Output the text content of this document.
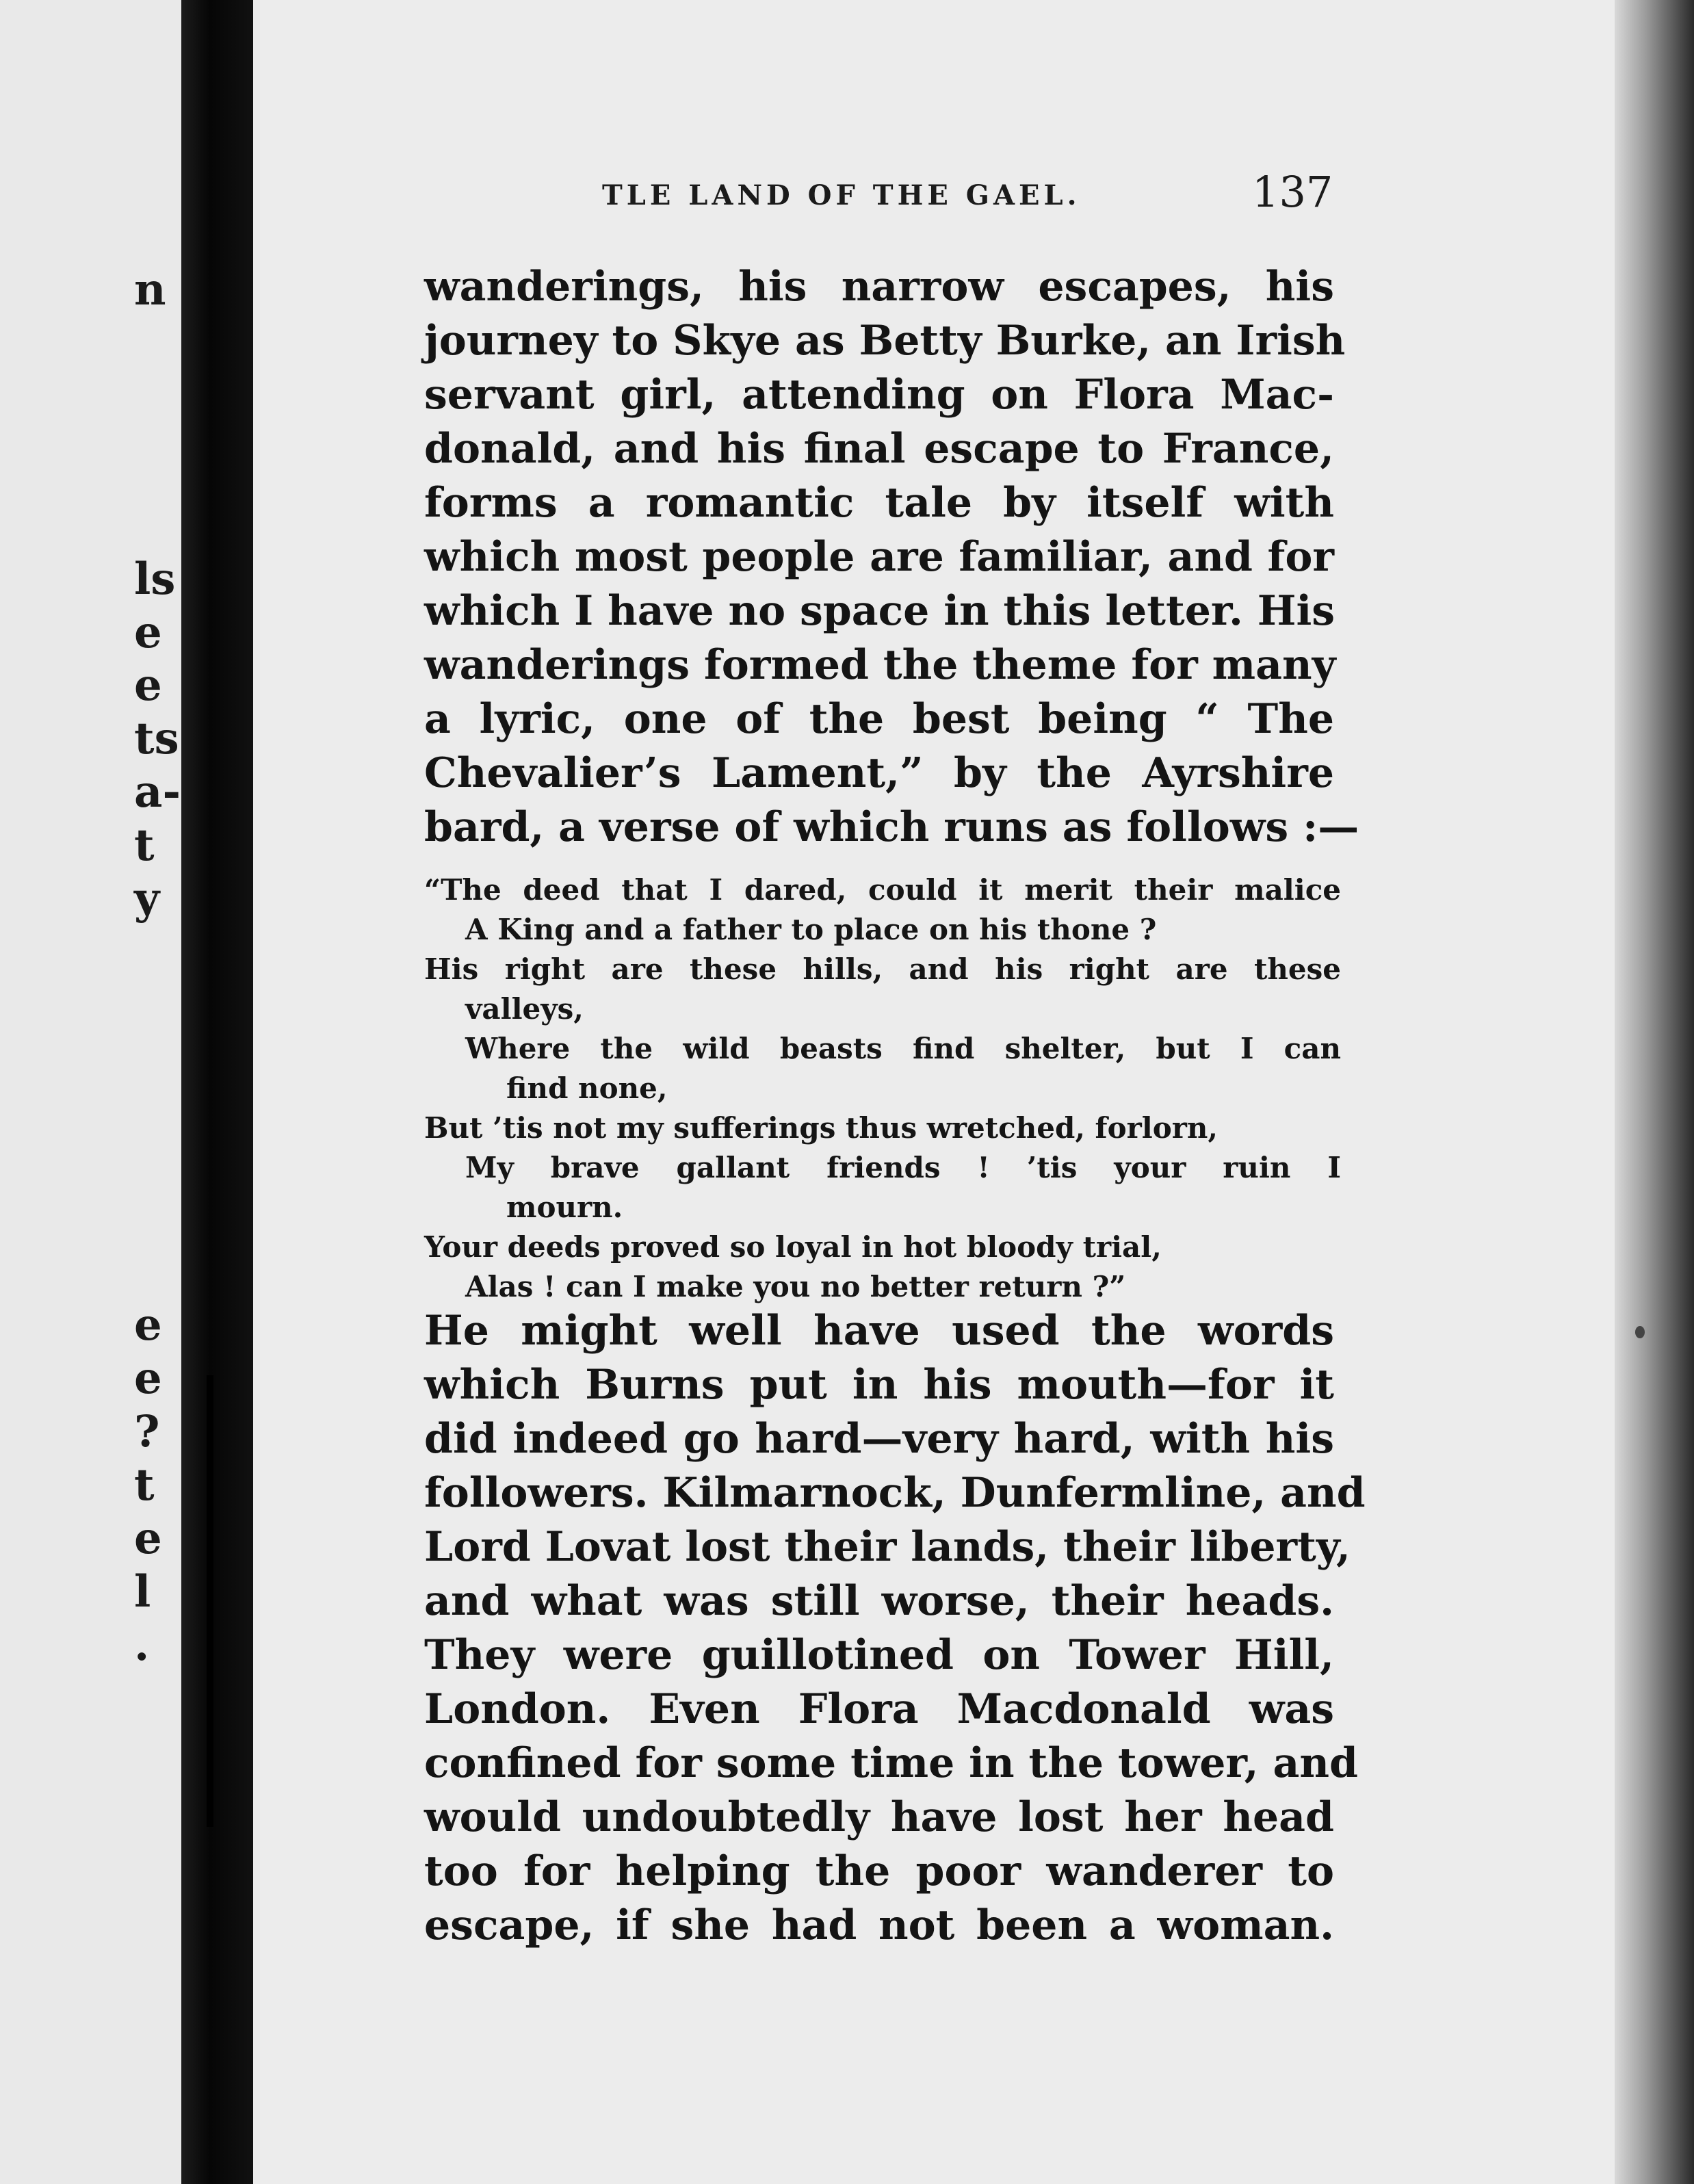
n
ls
e
e
ts
a-
t
y
e
e
?
t
e
l
.
TLE LAND OF THE GAEL.	137
wanderings, his narrow escapes, his
journey to Skye as Betty Burke, an Irish
servant girl, attending on Flora Mac-
donald, and his final escape to France,
forms a romantic tale by itself with
which most people are familiar, and for
which I have no space in this letter. His
wanderings formed the theme for many
a lyric, one of the best being “ The
Chevalier’s Lament,” by the Ayrshire
bard, a verse of which runs as follows :—
“The deed that I dared, could it merit their malice
A King and a father to place on his thone ?
His right are these hills, and his right are these
valleys,
Where the wild beasts find shelter, but I can
find none,
But ’tis not my sufferings thus wretched, forlorn,
My brave gallant friends ! ’tis your ruin I
mourn.
Your deeds proved so loyal in hot bloody trial,
Alas ! can I make you no better return ?”
He might well have used the words
which Burns put in his mouth—for it
did indeed go hard—very hard, with his
followers. Kilmarnock, Dunfermline, and
Lord Lovat lost their lands, their liberty,
and what was still worse, their heads.
They were guillotined on Tower Hill,
London. Even Flora Macdonald was
confined for some time in the tower, and
would undoubtedly have lost her head
too for helping the poor wanderer to
escape, if she had not been a woman.
